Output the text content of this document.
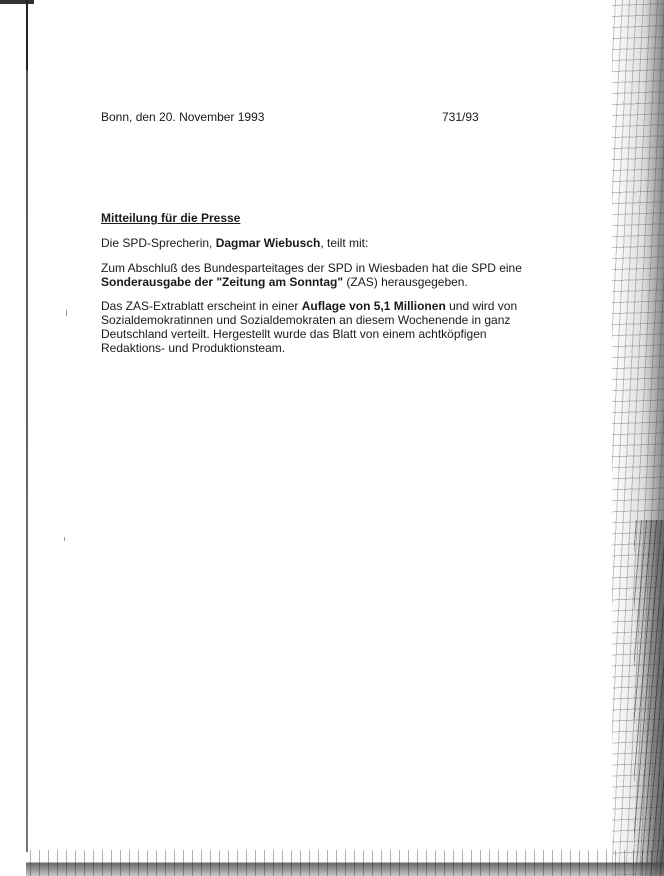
Bonn, den 20. November 1993	731/93
Mitteilung für die Presse

Die SPD-Sprecherin, Dagmar Wiebusch, teilt mit:

Zum Abschluß des Bundesparteitages der SPD in Wiesbaden hat die SPD eine Sonderausgabe der "Zeitung am Sonntag" (ZAS) herausgegeben.

Das ZAS-Extrablatt erscheint in einer Auflage von 5,1 Millionen und wird von Sozialdemokratinnen und Sozialdemokraten an diesem Wochenende in ganz Deutschland verteilt. Hergestellt wurde das Blatt von einem achtköpfigen Redaktions- und Produktionsteam.
